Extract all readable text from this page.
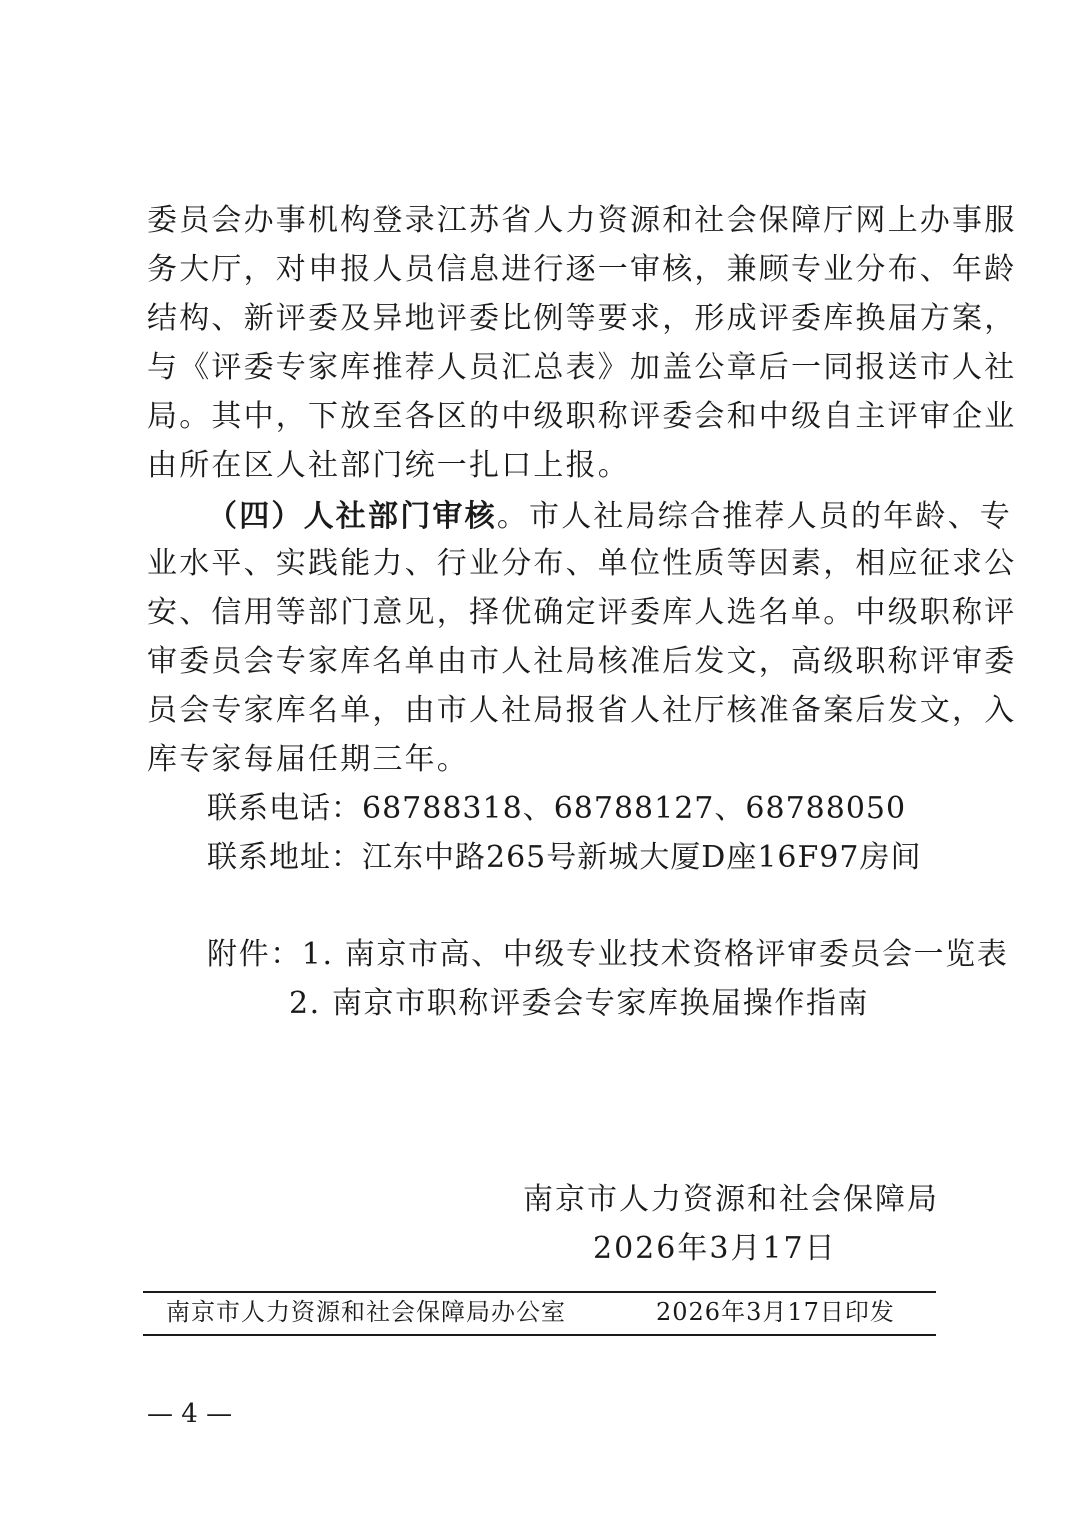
委员会办事机构登录江苏省人力资源和社会保障厅网上办事服
务大厅，对申报人员信息进行逐一审核，兼顾专业分布、年龄
结构、新评委及异地评委比例等要求，形成评委库换届方案，
与《评委专家库推荐人员汇总表》加盖公章后一同报送市人社
局。其中，下放至各区的中级职称评委会和中级自主评审企业
由所在区人社部门统一扎口上报。
（四）人社部门审核。市人社局综合推荐人员的年龄、专
业水平、实践能力、行业分布、单位性质等因素，相应征求公
安、信用等部门意见，择优确定评委库人选名单。中级职称评
审委员会专家库名单由市人社局核准后发文，高级职称评审委
员会专家库名单，由市人社局报省人社厅核准备案后发文，入
库专家每届任期三年。
联系电话：68788318、68788127、68788050
联系地址：江东中路265号新城大厦D座16F97房间
附件：1. 南京市高、中级专业技术资格评审委员会一览表
2. 南京市职称评委会专家库换届操作指南
南京市人力资源和社会保障局
2026年3月17日
南京市人力资源和社会保障局办公室	2026年3月17日印发
— 4 —
